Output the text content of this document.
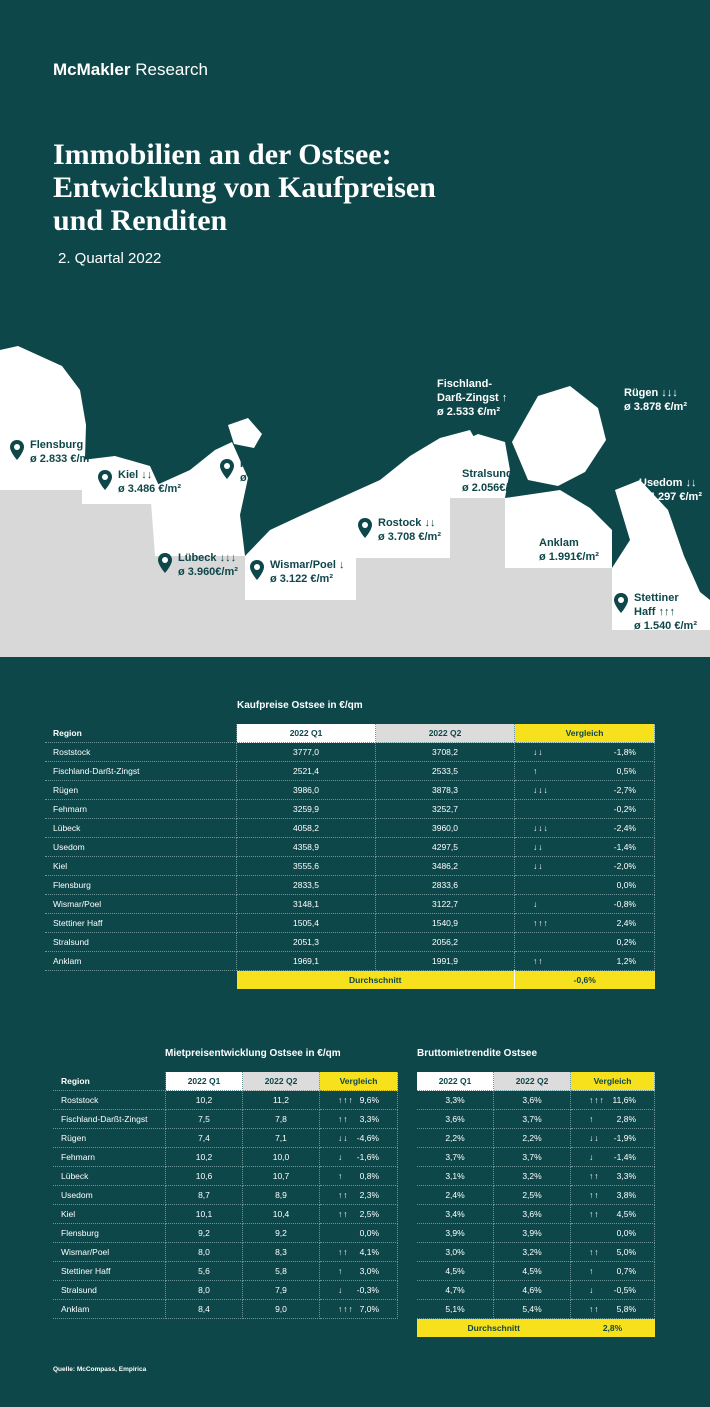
McMakler Research
Immobilien an der Ostsee:
Entwicklung von Kaufpreisen
und Renditen
2. Quartal 2022
Flensburg
ø 2.833 €/m²
Kiel ↓↓
ø 3.486 €/m²
Fehmarn
ø 3.252 €/m²
Lübeck ↓↓↓
ø 3.960€/m²
Wismar/Poel ↓
ø 3.122 €/m²
Rostock ↓↓
ø 3.708 €/m²
Fischland-
Darß-Zingst ↑
ø 2.533 €/m²
Stralsund ↑
ø 2.056€/m²
Rügen ↓↓↓
ø 3.878 €/m²
Usedom ↓↓
ø 4.297 €/m²
Anklam
ø 1.991€/m²
Stettiner
Haff ↑↑↑
ø 1.540 €/m²
Kaufpreise Ostsee in €/qm
Region	2022 Q1	2022 Q2	Vergleich
Roststock	3777,0	3708,2	↓↓ -1,8%

Fischland-Darßt-Zingst	2521,4	2533,5	↑ 0,5%

Rügen	3986,0	3878,3	↓↓↓ -2,7%

Fehmarn	3259,9	3252,7	-0,2%

Lübeck	4058,2	3960,0	↓↓↓ -2,4%

Usedom	4358,9	4297,5	↓↓ -1,4%

Kiel	3555,6	3486,2	↓↓ -2,0%

Flensburg	2833,5	2833,6	0,0%

Wismar/Poel	3148,1	3122,7	↓ -0,8%

Stettiner Haff	1505,4	1540,9	↑↑↑ 2,4%

Stralsund	2051,3	2056,2	0,2%

Anklam	1969,1	1991,9	↑↑ 1,2%

	Durchschnitt		-0,6%
Mietpreisentwicklung Ostsee in €/qm
Region	2022 Q1	2022 Q2	Vergleich
Roststock	10,2	11,2	↑↑↑ 9,6%

Fischland-Darßt-Zingst	7,5	7,8	↑↑ 3,3%

Rügen	7,4	7,1	↓↓ -4,6%

Fehmarn	10,2	10,0	↓ -1,6%

Lübeck	10,6	10,7	↑ 0,8%

Usedom	8,7	8,9	↑↑ 2,3%

Kiel	10,1	10,4	↑↑ 2,5%

Flensburg	9,2	9,2	0,0%

Wismar/Poel	8,0	8,3	↑↑ 4,1%

Stettiner Haff	5,6	5,8	↑ 3,0%

Stralsund	8,0	7,9	↓ -0,3%

Anklam	8,4	9,0	↑↑↑ 7,0%
Bruttomietrendite Ostsee
2022 Q1	2022 Q2	Vergleich
3,3%	3,6%	↑↑↑ 11,6%

3,6%	3,7%	↑ 2,8%

2,2%	2,2%	↓↓ -1,9%

3,7%	3,7%	↓ -1,4%

3,1%	3,2%	↑↑ 3,3%

2,4%	2,5%	↑↑ 3,8%

3,4%	3,6%	↑↑ 4,5%

3,9%	3,9%	0,0%

3,0%	3,2%	↑↑ 5,0%

4,5%	4,5%	↑ 0,7%

4,7%	4,6%	↓ -0,5%

5,1%	5,4%	↑↑ 5,8%

Durchschnitt		2,8%
Quelle: McCompass, Empirica
